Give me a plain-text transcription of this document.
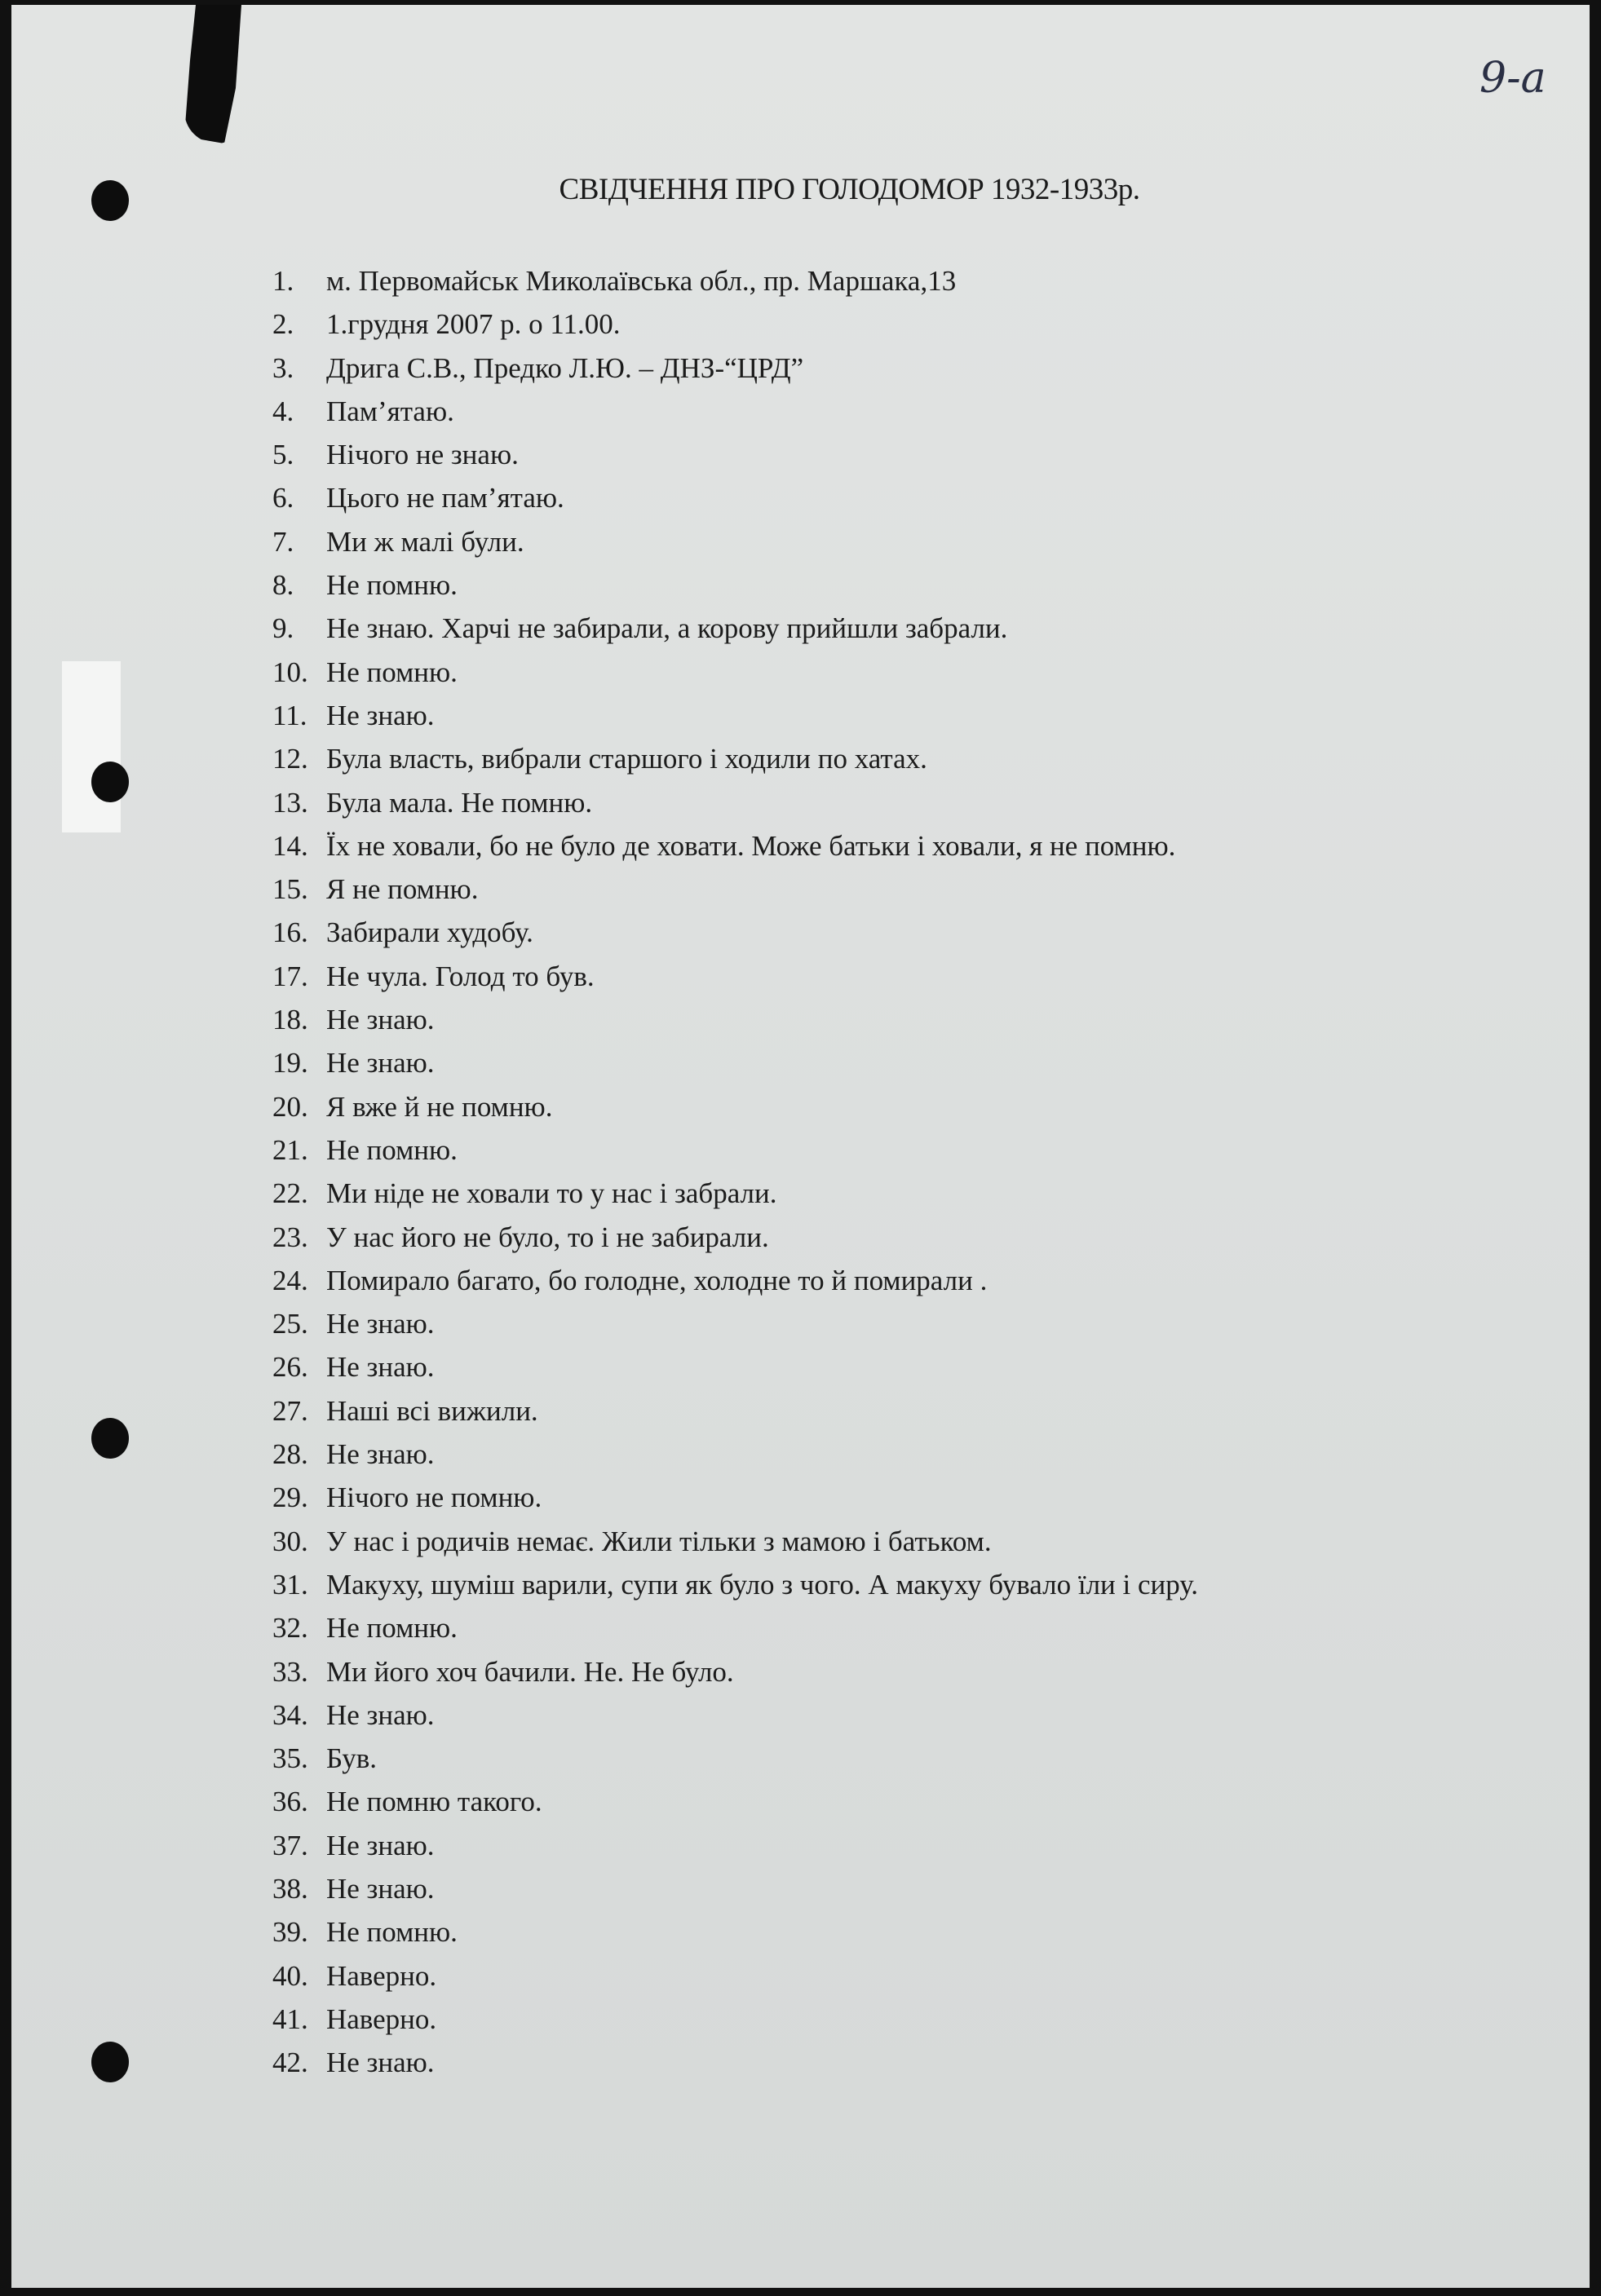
9-а
СВІДЧЕННЯ ПРО ГОЛОДОМОР 1932-1933р.
1.	м. Первомайськ Миколаївська обл., пр. Маршака,13
2.	1.грудня 2007 р. о 11.00.
3.	Дрига С.В., Предко Л.Ю. – ДНЗ-“ЦРД”
4.	Пам’ятаю.
5.	Нічого не знаю.
6.	Цього не пам’ятаю.
7.	Ми ж малі були.
8.	Не помню.
9.	Не знаю. Харчі не забирали, а корову прийшли забрали.
10. Не помню.
11. Не знаю.
12. Була власть, вибрали старшого і ходили по хатах.
13. Була мала. Не помню.
14. Їх не ховали, бо не було де ховати. Може батьки і ховали, я не помню.
15. Я не помню.
16. Забирали худобу.
17. Не чула. Голод то був.
18. Не знаю.
19. Не знаю.
20. Я вже й не помню.
21. Не помню.
22. Ми ніде не ховали то у нас і забрали.
23. У нас його не було, то і не забирали.
24. Помирало багато, бо голодне, холодне то й помирали .
25. Не знаю.
26. Не знаю.
27. Наші всі вижили.
28. Не знаю.
29. Нічого не помню.
30. У нас і родичів немає. Жили тільки з мамою і батьком.
31. Макуху, шуміш варили, супи як було з чого. А макуху бувало їли і сиру.
32. Не помню.
33. Ми його хоч бачили. Не. Не було.
34. Не знаю.
35. Був.
36. Не помню такого.
37. Не знаю.
38. Не знаю.
39. Не помню.
40. Наверно.
41. Наверно.
42. Не знаю.
